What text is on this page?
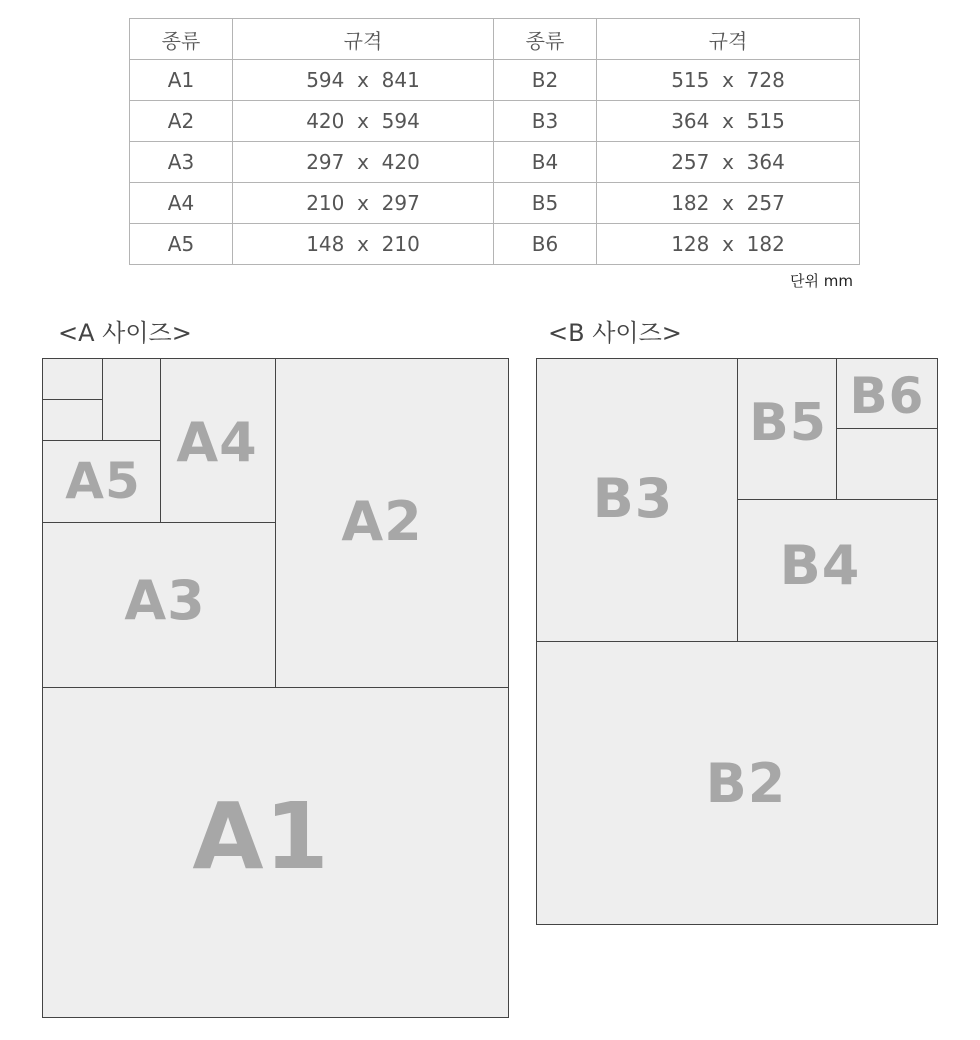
종류	규격	종류	규격
A1	594  x  841	B2	515  x  728
A2	420  x  594	B3	364  x  515
A3	297  x  420	B4	257  x  364
A4	210  x  297	B5	182  x  257
A5	148  x  210	B6	128  x  182
단위 mm
<A 사이즈>	<B 사이즈>
A1
A2
A3
A4
A5
B2
B3
B4
B5 B6
